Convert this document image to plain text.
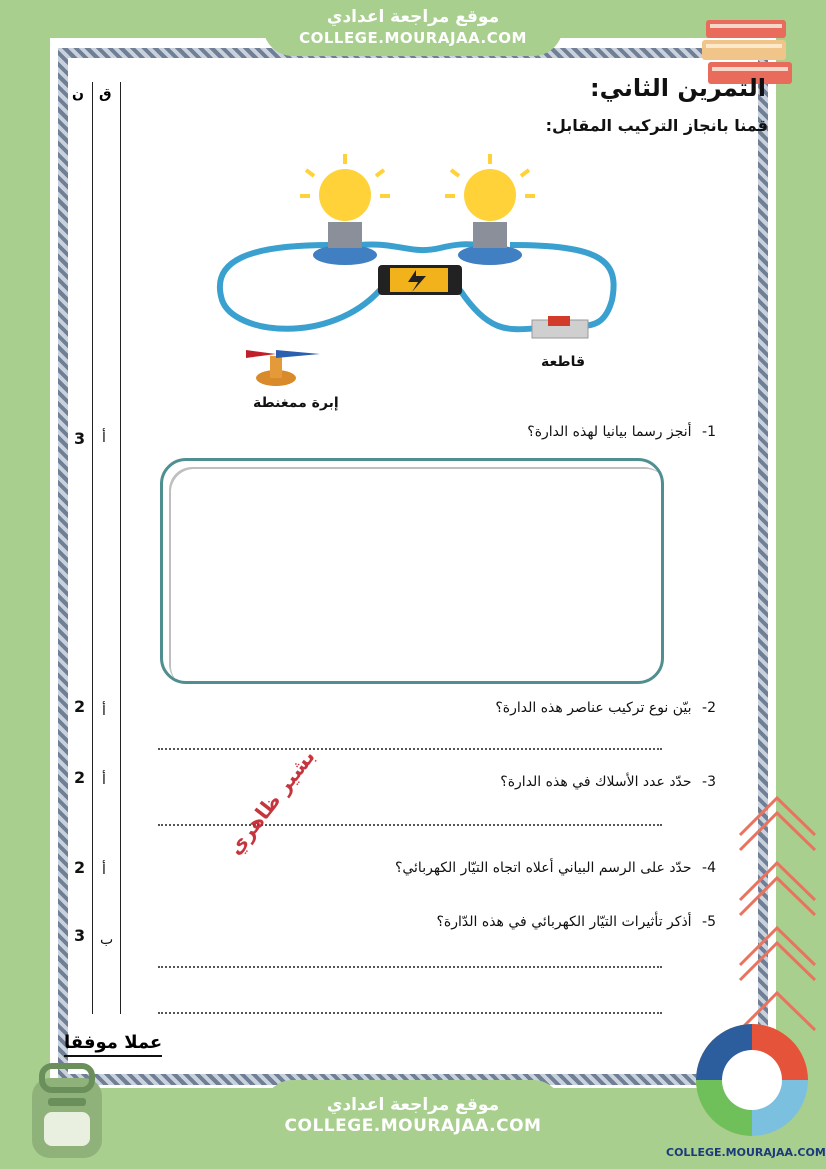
موقع مراجعة اعدادي
COLLEGE.MOURAJAA.COM
ق
ن	التمرين الثاني:
قمنا بانجاز التركيب المقابل:
قاطعة
إبرة ممغنطة
1- أنجز رسما بيانيا لهذه الدارة؟
أ
3
2- بيّن نوع تركيب عناصر هذه الدارة؟
أ
2
3- حدّد عدد الأسلاك في هذه الدارة؟
أ
2
4- حدّد على الرسم البياني أعلاه اتجاه التيّار الكهربائي؟
أ
2
5- أذكر تأثيرات التيّار الكهربائي في هذه الدّارة؟
ب
3
بشير ظاهري
عملا موفقا
موقع مراجعة اعدادي
COLLEGE.MOURAJAA.COM
COLLEGE.MOURAJAA.COM
